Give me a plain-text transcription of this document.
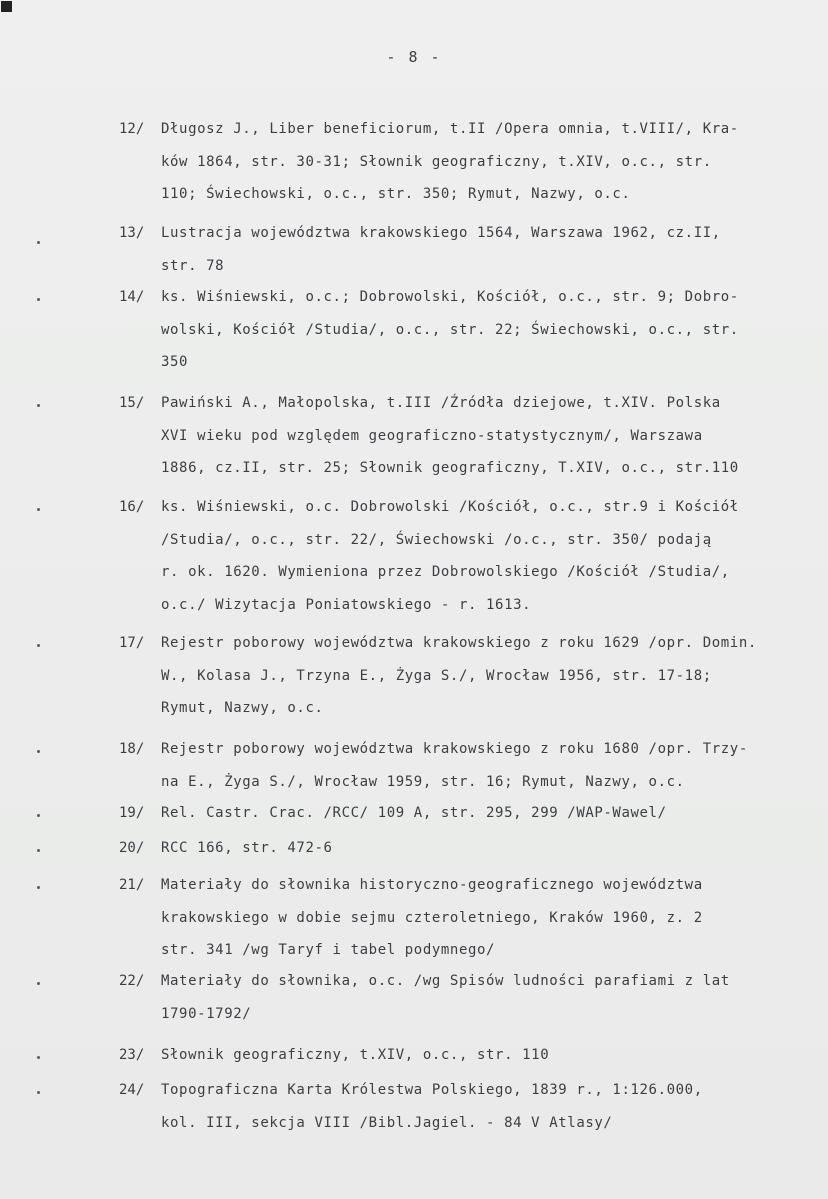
- 8 -
12/ Długosz J., Liber beneficiorum, t.II /Opera omnia, t.VIII/, Kra-
ków 1864, str. 30-31; Słownik geograficzny, t.XIV, o.c., str.
110; Świechowski, o.c., str. 350; Rymut, Nazwy, o.c.
13/ Lustracja województwa krakowskiego 1564, Warszawa 1962, cz.II,
str. 78
14/ ks. Wiśniewski, o.c.; Dobrowolski, Kościół, o.c., str. 9; Dobro-
wolski, Kościół /Studia/, o.c., str. 22; Świechowski, o.c., str.
350
15/ Pawiński A., Małopolska, t.III /Źródła dziejowe, t.XIV. Polska
XVI wieku pod względem geograficzno-statystycznym/, Warszawa
1886, cz.II, str. 25; Słownik geograficzny, T.XIV, o.c., str.110
16/ ks. Wiśniewski, o.c. Dobrowolski /Kościół, o.c., str.9 i Kościół
/Studia/, o.c., str. 22/, Świechowski /o.c., str. 350/ podają
r. ok. 1620. Wymieniona przez Dobrowolskiego /Kościół /Studia/,
o.c./ Wizytacja Poniatowskiego - r. 1613.
17/ Rejestr poborowy województwa krakowskiego z roku 1629 /opr. Domin.
W., Kolasa J., Trzyna E., Żyga S./, Wrocław 1956, str. 17-18;
Rymut, Nazwy, o.c.
18/ Rejestr poborowy województwa krakowskiego z roku 1680 /opr. Trzy-
na E., Żyga S./, Wrocław 1959, str. 16; Rymut, Nazwy, o.c.
19/ Rel. Castr. Crac. /RCC/ 109 A, str. 295, 299 /WAP-Wawel/
20/ RCC 166, str. 472-6
21/ Materiały do słownika historyczno-geograficznego województwa
krakowskiego w dobie sejmu czteroletniego, Kraków 1960, z. 2
str. 341 /wg Taryf i tabel podymnego/
22/ Materiały do słownika, o.c. /wg Spisów ludności parafiami z lat
1790-1792/
23/ Słownik geograficzny, t.XIV, o.c., str. 110
24/ Topograficzna Karta Królestwa Polskiego, 1839 r., 1:126.000,
kol. III, sekcja VIII /Bibl.Jagiel. - 84 V Atlasy/
